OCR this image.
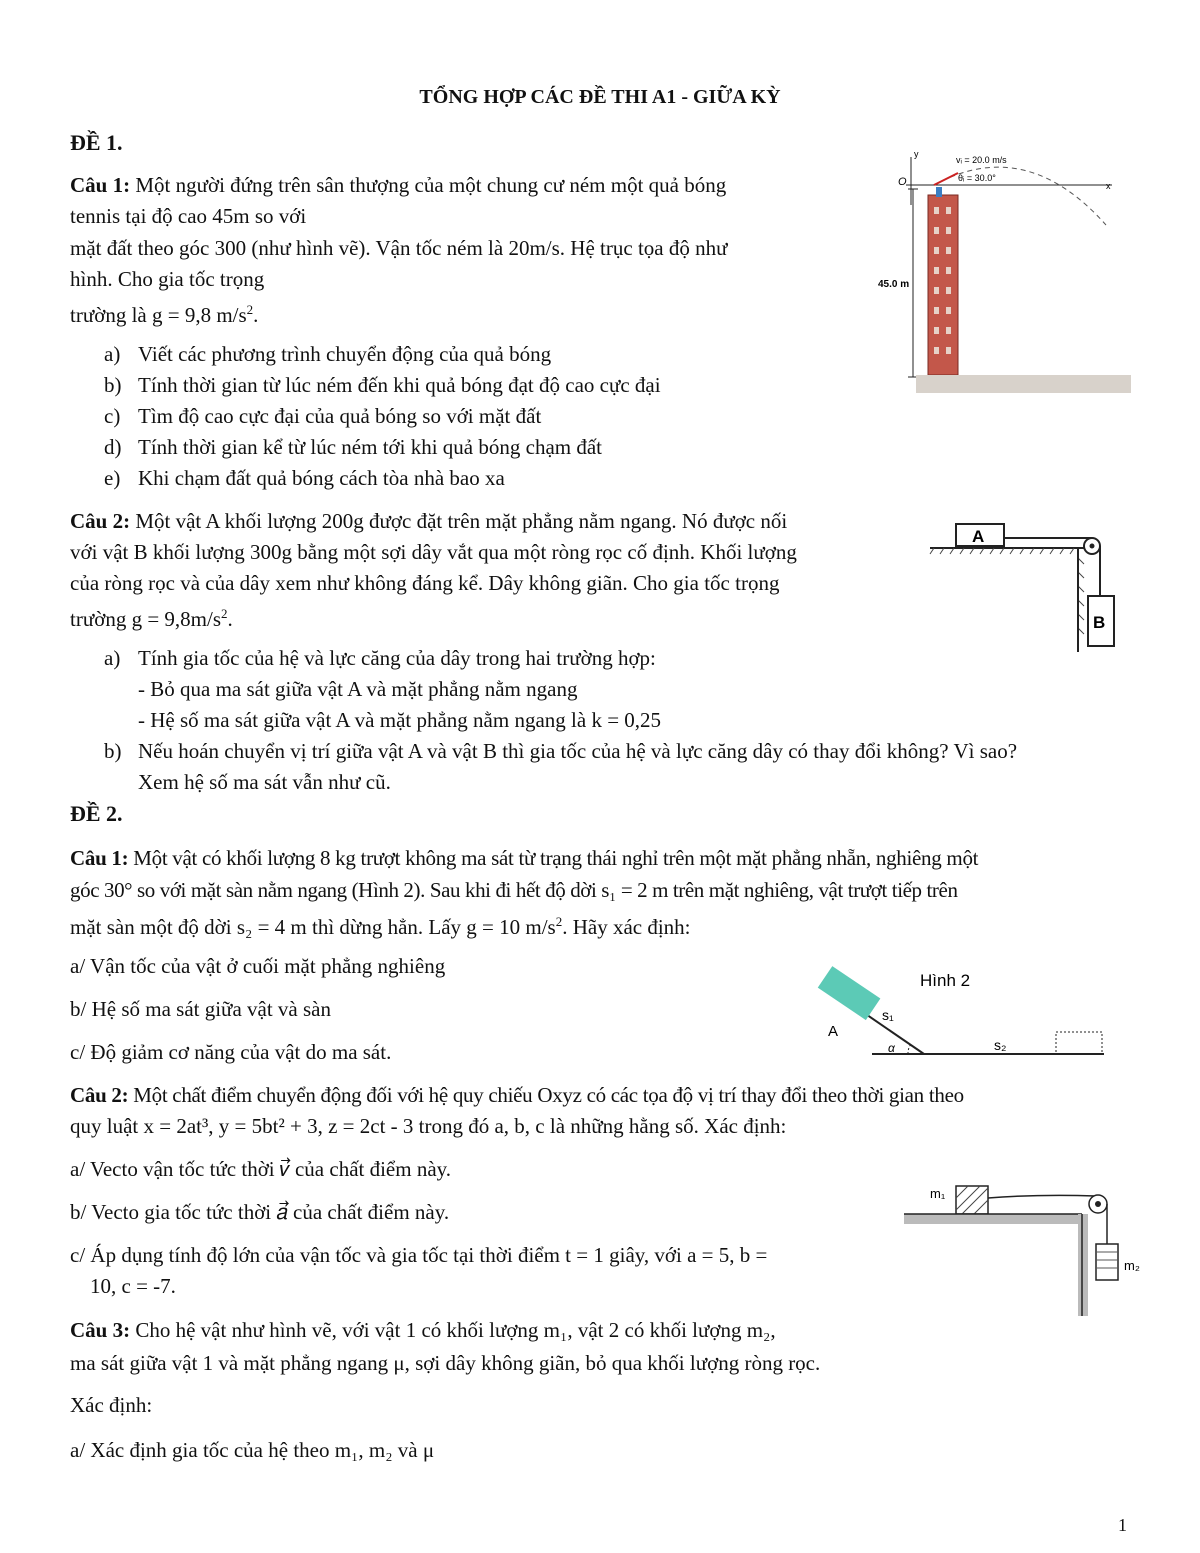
TỔNG HỢP CÁC ĐỀ THI A1 - GIỮA KỲ
ĐỀ 1.
Câu 1: Một người đứng trên sân thượng của một chung cư ném một quả bóng
tennis tại độ cao 45m so với
mặt đất theo góc 300 (như hình vẽ). Vận tốc ném là 20m/s. Hệ trục tọa độ như
hình. Cho gia tốc trọng
trường là g = 9,8 $m/s^2$.
a) Viết các phương trình chuyển động của quả bóng
b) Tính thời gian từ lúc ném đến khi quả bóng đạt độ cao cực đại
c) Tìm độ cao cực đại của quả bóng so với mặt đất
d) Tính thời gian kể từ lúc ném tới khi quả bóng chạm đất
e) Khi chạm đất quả bóng cách tòa nhà bao xa
y
x
O
vᵢ = 20.0 m/s
θᵢ = 30.0°
45.0 m
Câu 2: Một vật A khối lượng 200g được đặt trên mặt phẳng nằm ngang. Nó được nối
với vật B khối lượng 300g bằng một sợi dây vắt qua một ròng rọc cố định. Khối lượng
của ròng rọc và của dây xem như không đáng kể. Dây không giãn. Cho gia tốc trọng
trường $g = 9,8m/s^2$.
a) Tính gia tốc của hệ và lực căng của dây trong hai trường hợp:
- Bỏ qua ma sát giữa vật A và mặt phẳng nằm ngang
- Hệ số ma sát giữa vật A và mặt phẳng nằm ngang là k = 0,25
b) Nếu hoán chuyển vị trí giữa vật A và vật B thì gia tốc của hệ và lực căng dây có thay đổi không? Vì sao?
Xem hệ số ma sát vẫn như cũ.
A
B
ĐỀ 2.
Câu 1: Một vật có khối lượng 8 kg trượt không ma sát từ trạng thái nghỉ trên một mặt phẳng nhẵn, nghiêng một
góc 30° so với mặt sàn nằm ngang (Hình 2). Sau khi đi hết độ dời s₁ = 2 m trên mặt nghiêng, vật trượt tiếp trên
mặt sàn một độ dời s₂ = 4 m thì dừng hẳn. Lấy g = 10 $m/s^2$. Hãy xác định:
a/ Vận tốc của vật ở cuối mặt phẳng nghiêng
b/ Hệ số ma sát giữa vật và sàn
c/ Độ giảm cơ năng của vật do ma sát.
Hình 2
A
s₁
α	s₂
Câu 2: Một chất điểm chuyển động đối với hệ quy chiếu Oxyz có các tọa độ vị trí thay đổi theo thời gian theo
quy luật x = 2at³, y = 5bt² + 3, z = 2ct - 3 trong đó a, b, c là những hằng số. Xác định:
a/ Vecto vận tốc tức thời 𝑣⃗ của chất điểm này.
b/ Vecto gia tốc tức thời 𝑎⃗ của chất điểm này.
c/ Áp dụng tính độ lớn của vận tốc và gia tốc tại thời điểm t = 1 giây, với a = 5, b =
10, c = -7.
m₁
m₂
Câu 3: Cho hệ vật như hình vẽ, với vật 1 có khối lượng m₁, vật 2 có khối lượng m₂,
ma sát giữa vật 1 và mặt phẳng ngang μ, sợi dây không giãn, bỏ qua khối lượng ròng rọc.
Xác định:
a/ Xác định gia tốc của hệ theo m₁, m₂ và μ
1
